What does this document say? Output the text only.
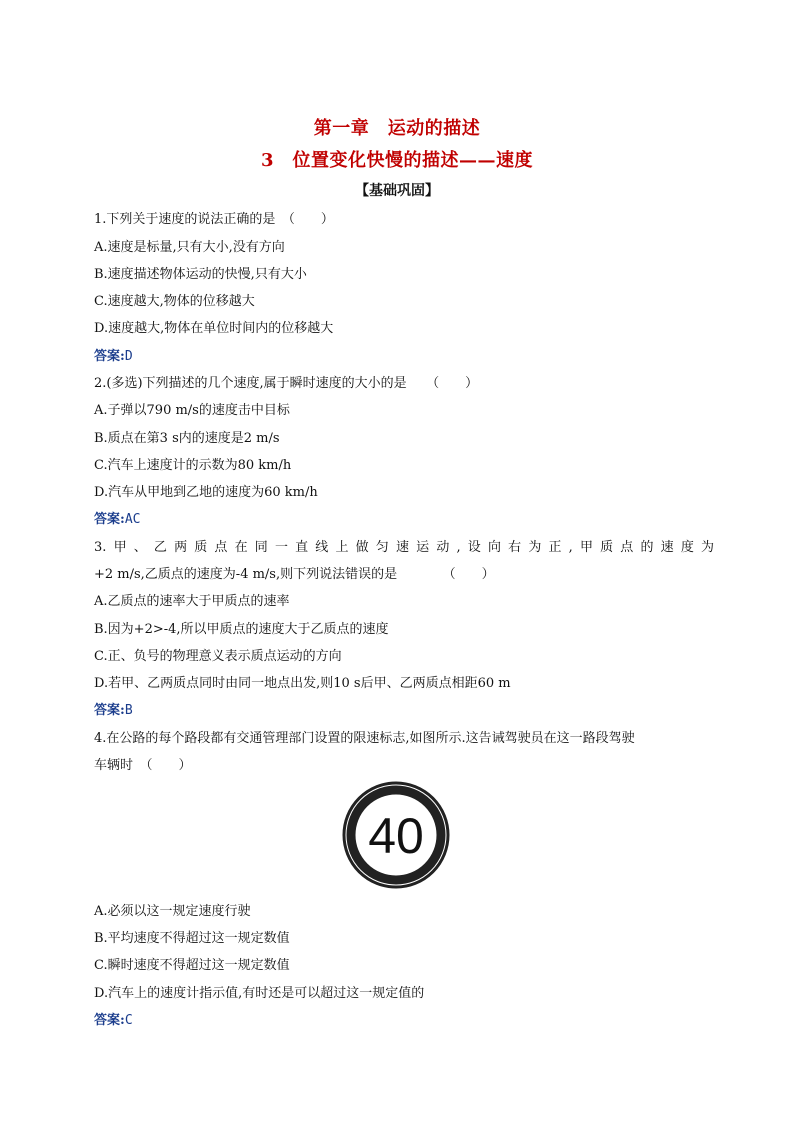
第一章　运动的描述
3　位置变化快慢的描述——速度
【基础巩固】
1.下列关于速度的说法正确的是　（　　）
A.速度是标量,只有大小,没有方向
B.速度描述物体运动的快慢,只有大小
C.速度越大,物体的位移越大
D.速度越大,物体在单位时间内的位移越大
答案:D
2.(多选)下列描述的几个速度,属于瞬时速度的大小的是　　（　　）
A.子弹以790 m/s的速度击中目标
B.质点在第3 s内的速度是2 m/s
C.汽车上速度计的示数为80 km/h
D.汽车从甲地到乙地的速度为60 km/h
答案:AC
3.甲、乙两质点在同一直线上做匀速运动,设向右为正,甲质点的速度为
+2 m/s,乙质点的速度为-4 m/s,则下列说法错误的是　　　　（　　）
A.乙质点的速率大于甲质点的速率
B.因为+2>-4,所以甲质点的速度大于乙质点的速度
C.正、负号的物理意义表示质点运动的方向
D.若甲、乙两质点同时由同一地点出发,则10 s后甲、乙两质点相距60 m
答案:B
4.在公路的每个路段都有交通管理部门设置的限速标志,如图所示.这告诫驾驶员在这一路段驾驶
车辆时　（　　）
40
A.必须以这一规定速度行驶
B.平均速度不得超过这一规定数值
C.瞬时速度不得超过这一规定数值
D.汽车上的速度计指示值,有时还是可以超过这一规定值的
答案:C
